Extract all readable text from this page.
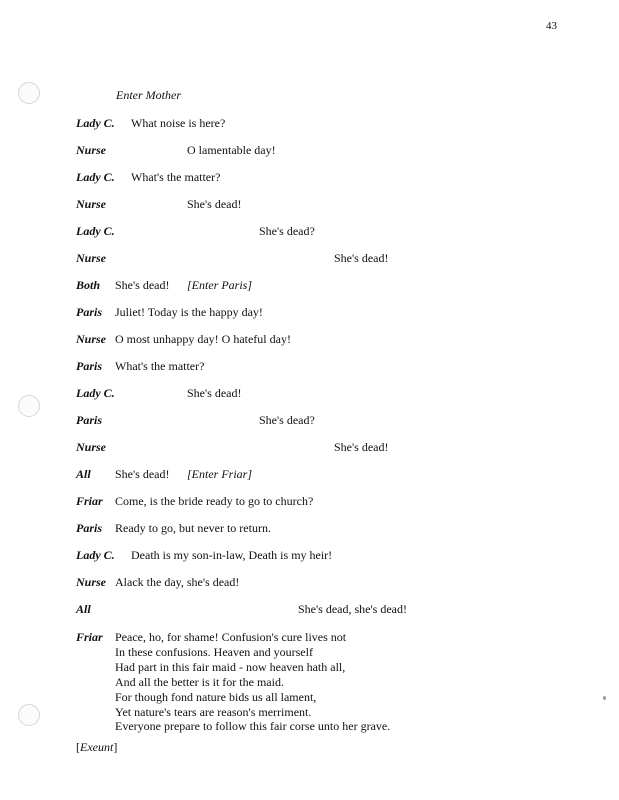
43
Enter Mother
Lady C. What noise is here?
Nurse	O lamentable day!
Lady C. What's the matter?
Nurse	She's dead!
Lady C.	She's dead?
Nurse	She's dead!
Both She's dead! [Enter Paris]
Paris Juliet! Today is the happy day!
Nurse O most unhappy day! O hateful day!
Paris What's the matter?
Lady C.	She's dead!
Paris	She's dead?
Nurse	She's dead!
All She's dead! [Enter Friar]
Friar Come, is the bride ready to go to church?
Paris Ready to go, but never to return.
Lady C. Death is my son-in-law, Death is my heir!
Nurse Alack the day, she's dead!
All	She's dead, she's dead!
Friar Peace, ho, for shame! Confusion's cure lives not
In these confusions. Heaven and yourself
Had part in this fair maid - now heaven hath all,
And all the better is it for the maid.
For though fond nature bids us all lament,
Yet nature's tears are reason's merriment.
Everyone prepare to follow this fair corse unto her grave.
[Exeunt]
